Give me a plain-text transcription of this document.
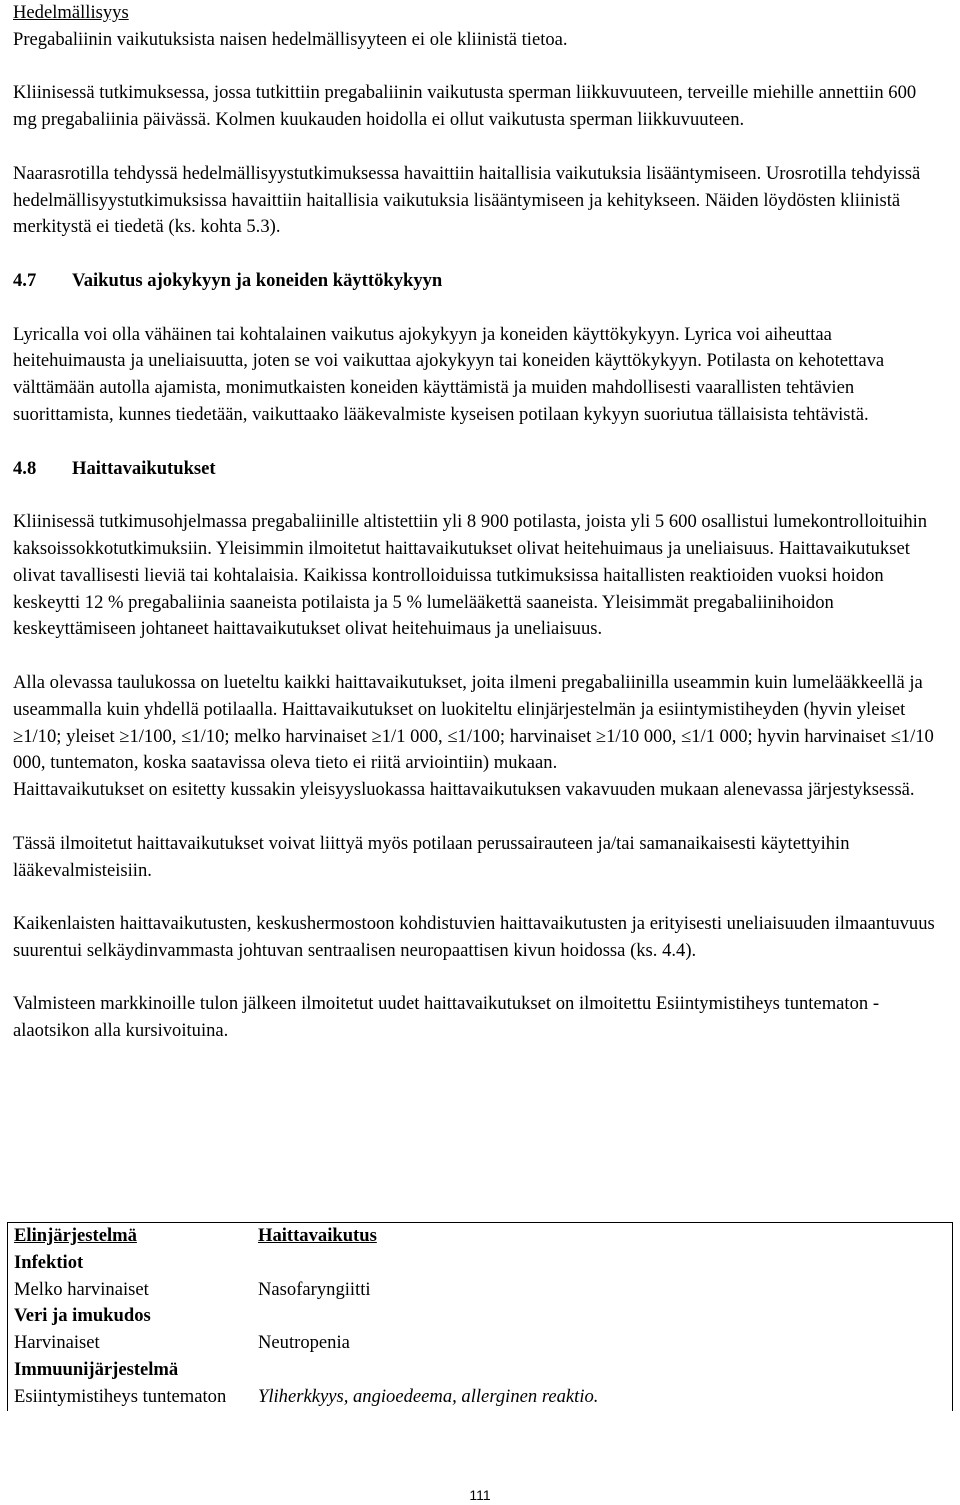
Hedelmällisyys

Pregabaliinin vaikutuksista naisen hedelmällisyyteen ei ole kliinistä tietoa.

Kliinisessä tutkimuksessa, jossa tutkittiin pregabaliinin vaikutusta sperman liikkuvuuteen, terveille miehille annettiin 600 mg pregabaliinia päivässä. Kolmen kuukauden hoidolla ei ollut vaikutusta sperman liikkuvuuteen.

Naarasrotilla tehdyssä hedelmällisyystutkimuksessa havaittiin haitallisia vaikutuksia lisääntymiseen. Urosrotilla tehdyissä hedelmällisyystutkimuksissa havaittiin haitallisia vaikutuksia lisääntymiseen ja kehitykseen. Näiden löydösten kliinistä merkitystä ei tiedetä (ks. kohta 5.3).

4.7	Vaikutus ajokykyyn ja koneiden käyttökykyyn

Lyricalla voi olla vähäinen tai kohtalainen vaikutus ajokykyyn ja koneiden käyttökykyyn. Lyrica voi aiheuttaa heitehuimausta ja uneliaisuutta, joten se voi vaikuttaa ajokykyyn tai koneiden käyttökykyyn. Potilasta on kehotettava välttämään autolla ajamista, monimutkaisten koneiden käyttämistä ja muiden mahdollisesti vaarallisten tehtävien suorittamista, kunnes tiedetään, vaikuttaako lääkevalmiste kyseisen potilaan kykyyn suoriutua tällaisista tehtävistä.

4.8	Haittavaikutukset

Kliinisessä tutkimusohjelmassa pregabaliinille altistettiin yli 8 900 potilasta, joista yli 5 600 osallistui lumekontrolloituihin kaksoissokkotutkimuksiin. Yleisimmin ilmoitetut haittavaikutukset olivat heitehuimaus ja uneliaisuus. Haittavaikutukset olivat tavallisesti lieviä tai kohtalaisia. Kaikissa kontrolloiduissa tutkimuksissa haitallisten reaktioiden vuoksi hoidon keskeytti 12 % pregabaliinia saaneista potilaista ja 5 % lumelääkettä saaneista. Yleisimmät pregabaliinihoidon keskeyttämiseen johtaneet haittavaikutukset olivat heitehuimaus ja uneliaisuus.

Alla olevassa taulukossa on lueteltu kaikki haittavaikutukset, joita ilmeni pregabaliinilla useammin kuin lumelääkkeellä ja useammalla kuin yhdellä potilaalla. Haittavaikutukset on luokiteltu elinjärjestelmän ja esiintymistiheyden (hyvin yleiset ≥1/10; yleiset ≥1/100, ≤1/10; melko harvinaiset ≥1/1 000, ≤1/100; harvinaiset ≥1/10 000, ≤1/1 000; hyvin harvinaiset ≤1/10 000, tuntematon, koska saatavissa oleva tieto ei riitä arviointiin) mukaan.

Haittavaikutukset on esitetty kussakin yleisyysluokassa haittavaikutuksen vakavuuden mukaan alenevassa järjestyksessä.

Tässä ilmoitetut haittavaikutukset voivat liittyä myös potilaan perussairauteen ja/tai samanaikaisesti käytettyihin lääkevalmisteisiin.

Kaikenlaisten haittavaikutusten, keskushermostoon kohdistuvien haittavaikutusten ja erityisesti uneliaisuuden ilmaantuvuus suurentui selkäydinvammasta johtuvan sentraalisen neuropaattisen kivun hoidossa (ks. 4.4).

Valmisteen markkinoille tulon jälkeen ilmoitetut uudet haittavaikutukset on ilmoitettu Esiintymistiheys tuntematon -alaotsikon alla kursivoituina.

Elinjärjestelmä	Haittavaikutus
Infektiot	
Melko harvinaiset	Nasofaryngiitti
Veri ja imukudos	
Harvinaiset	Neutropenia
Immuunijärjestelmä	
Esiintymistiheys tuntematon	Yliherkkyys, angioedeema, allerginen reaktio.
111
